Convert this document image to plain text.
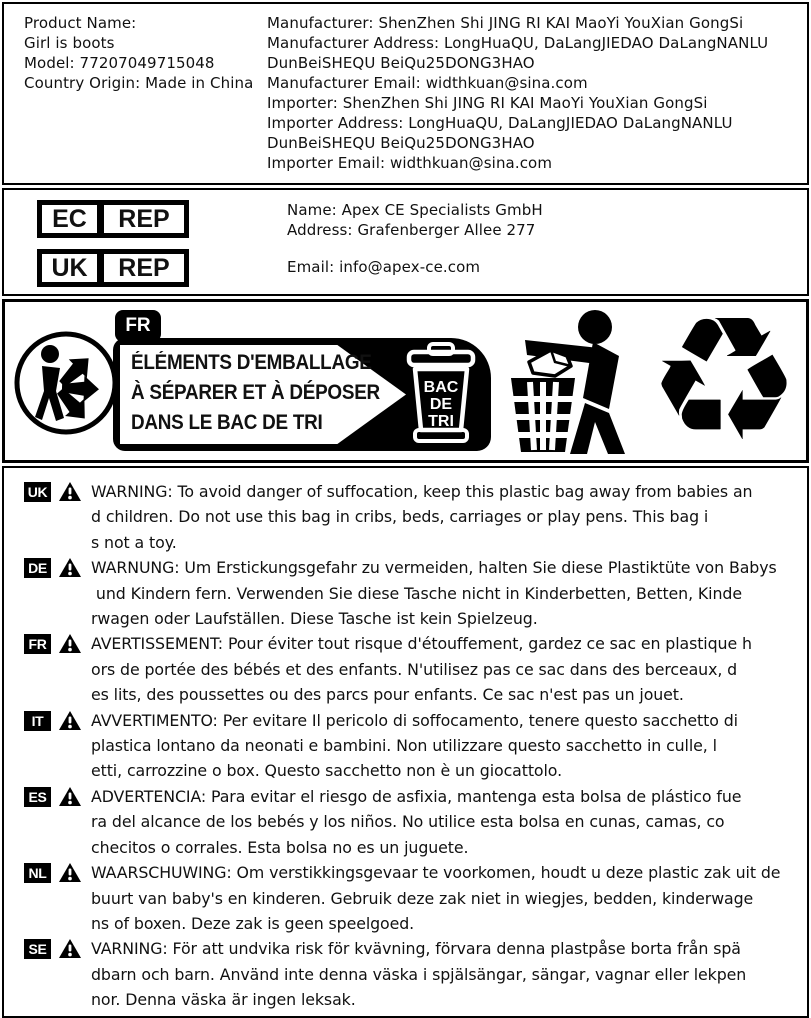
Product Name:
Girl is boots
Model: 77207049715048
Country Origin: Made in China
Manufacturer: ShenZhen Shi JING RI KAI MaoYi YouXian GongSi
Manufacturer Address: LongHuaQU, DaLangJIEDAO DaLangNANLU
DunBeiSHEQU BeiQu25DONG3HAO
Manufacturer Email: widthkuan@sina.com
Importer: ShenZhen Shi JING RI KAI MaoYi YouXian GongSi
Importer Address: LongHuaQU, DaLangJIEDAO DaLangNANLU
DunBeiSHEQU BeiQu25DONG3HAO
Importer Email: widthkuan@sina.com
EC	REP
UK	REP
Name: Apex CE Specialists GmbH
Address: Grafenberger Allee 277
Email: info@apex-ce.com
FR
ÉLÉMENTS D'EMBALLAGE
À SÉPARER ET À DÉPOSER
DANS LE BAC DE TRI
BAC
DE
TRI ♻
UK	WARNING: To avoid danger of suffocation, keep this plastic bag away from babies an
d children. Do not use this bag in cribs, beds, carriages or play pens. This bag i
s not a toy.
DE	WARNUNG: Um Erstickungsgefahr zu vermeiden, halten Sie diese Plastiktüte von Babys
und Kindern fern. Verwenden Sie diese Tasche nicht in Kinderbetten, Betten, Kinde
rwagen oder Laufställen. Diese Tasche ist kein Spielzeug.
FR	AVERTISSEMENT: Pour éviter tout risque d'étouffement, gardez ce sac en plastique h
ors de portée des bébés et des enfants. N'utilisez pas ce sac dans des berceaux, d
es lits, des poussettes ou des parcs pour enfants. Ce sac n'est pas un jouet.
IT	AVVERTIMENTO: Per evitare Il pericolo di soffocamento, tenere questo sacchetto di
plastica lontano da neonati e bambini. Non utilizzare questo sacchetto in culle, l
etti, carrozzine o box. Questo sacchetto non è un giocattolo.
ES	ADVERTENCIA: Para evitar el riesgo de asfixia, mantenga esta bolsa de plástico fue
ra del alcance de los bebés y los niños. No utilice esta bolsa en cunas, camas, co
checitos o corrales. Esta bolsa no es un juguete.
NL	WAARSCHUWING: Om verstikkingsgevaar te voorkomen, houdt u deze plastic zak uit de
buurt van baby's en kinderen. Gebruik deze zak niet in wiegjes, bedden, kinderwage
ns of boxen. Deze zak is geen speelgoed.
SE	VARNING: För att undvika risk för kvävning, förvara denna plastpåse borta från spä
dbarn och barn. Använd inte denna väska i spjälsängar, sängar, vagnar eller lekpen
nor. Denna väska är ingen leksak.
